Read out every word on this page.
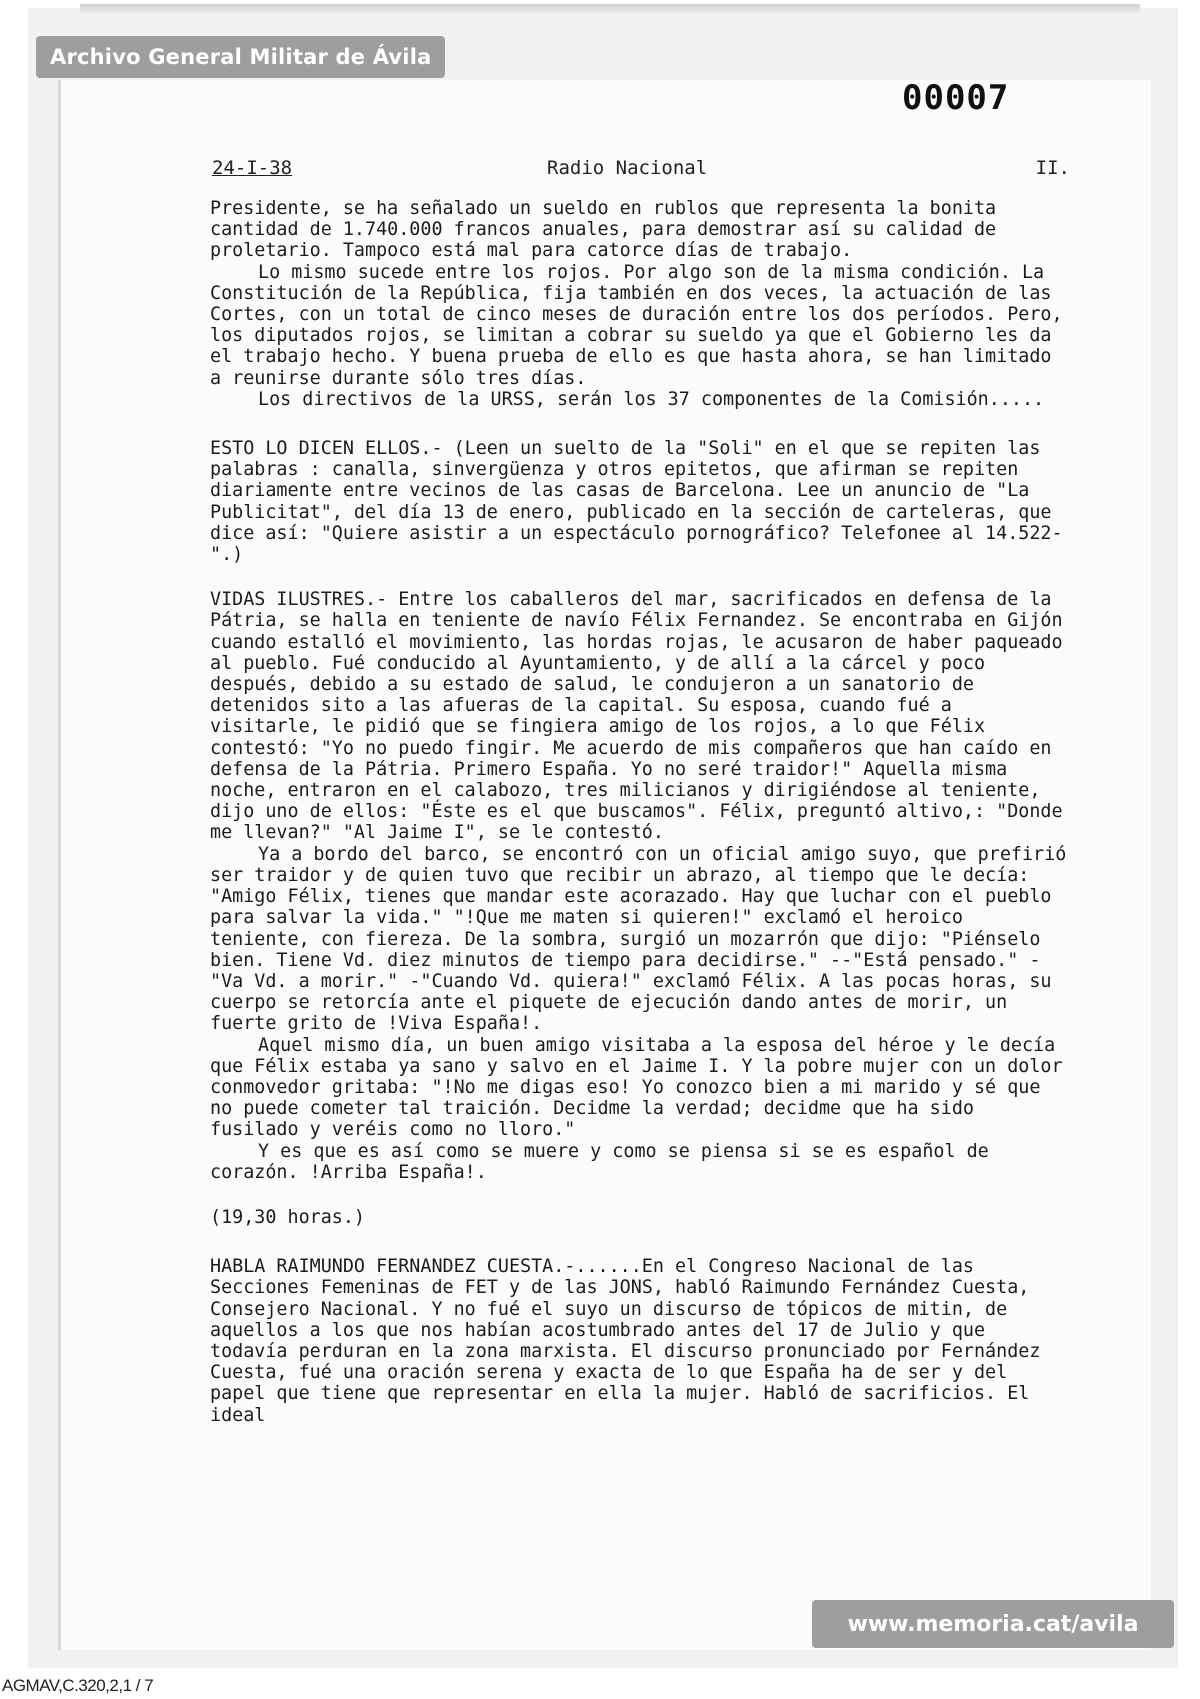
Archivo General Militar de Ávila
00007
24-I-38	Radio Nacional	II.

Presidente, se ha señalado un sueldo en rublos que representa la bonita cantidad de 1.740.000 francos anuales, para demostrar así su calidad de proletario. Tampoco está mal para catorce días de trabajo.

Lo mismo sucede entre los rojos. Por algo son de la misma condición. La Constitución de la República, fija también en dos veces, la actuación de las Cortes, con un total de cinco meses de duración entre los dos períodos. Pero, los diputados rojos, se limitan a cobrar su sueldo ya que el Gobierno les da el trabajo hecho. Y buena prueba de ello es que hasta ahora, se han limitado a reunirse durante sólo tres días.

Los directivos de la URSS, serán los 37 componentes de la Comisión.....

ESTO LO DICEN ELLOS.- (Leen un suelto de la "Soli" en el que se repiten las palabras : canalla, sinvergüenza y otros epitetos, que afirman se repiten diariamente entre vecinos de las casas de Barcelona. Lee un anuncio de "La Publicitat", del día 13 de enero, publicado en la sección de carteleras, que dice así: "Quiere asistir a un espectáculo pornográfico? Telefonee al 14.522-".)

VIDAS ILUSTRES.- Entre los caballeros del mar, sacrificados en defensa de la Pátria, se halla en teniente de navío Félix Fernandez. Se encontraba en Gijón cuando estalló el movimiento, las hordas rojas, le acusaron de haber paqueado al pueblo. Fué conducido al Ayuntamiento, y de allí a la cárcel y poco después, debido a su estado de salud, le condujeron a un sanatorio de detenidos sito a las afueras de la capital. Su esposa, cuando fué a visitarle, le pidió que se fingiera amigo de los rojos, a lo que Félix contestó: "Yo no puedo fingir. Me acuerdo de mis compañeros que han caído en defensa de la Pátria. Primero España. Yo no seré traidor!" Aquella misma noche, entraron en el calabozo, tres milicianos y dirigiéndose al teniente, dijo uno de ellos: "Éste es el que buscamos". Félix, preguntó altivo,: "Donde me llevan?" "Al Jaime I", se le contestó.

Ya a bordo del barco, se encontró con un oficial amigo suyo, que prefirió ser traidor y de quien tuvo que recibir un abrazo, al tiempo que le decía: "Amigo Félix, tienes que mandar este acorazado. Hay que luchar con el pueblo para salvar la vida." "!Que me maten si quieren!" exclamó el heroico teniente, con fiereza. De la sombra, surgió un mozarrón que dijo: "Piénselo bien. Tiene Vd. diez minutos de tiempo para decidirse." --"Está pensado." -"Va Vd. a morir." -"Cuando Vd. quiera!" exclamó Félix. A las pocas horas, su cuerpo se retorcía ante el piquete de ejecución dando antes de morir, un fuerte grito de !Viva España!.

Aquel mismo día, un buen amigo visitaba a la esposa del héroe y le decía que Félix estaba ya sano y salvo en el Jaime I. Y la pobre mujer con un dolor conmovedor gritaba: "!No me digas eso! Yo conozco bien a mi marido y sé que no puede cometer tal traición. Decidme la verdad; decidme que ha sido fusilado y veréis como no lloro."

Y es que es así como se muere y como se piensa si se es español de corazón. !Arriba España!.

(19,30 horas.)

HABLA RAIMUNDO FERNANDEZ CUESTA.-......En el Congreso Nacional de las Secciones Femeninas de FET y de las JONS, habló Raimundo Fernández Cuesta, Consejero Nacional. Y no fué el suyo un discurso de tópicos de mitin, de aquellos a los que nos habían acostumbrado antes del 17 de Julio y que todavía perduran en la zona marxista. El discurso pronunciado por Fernández Cuesta, fué una oración serena y exacta de lo que España ha de ser y del papel que tiene que representar en ella la mujer. Habló de sacrificios. El ideal

www.memoria.cat/avila
AGMAV,C.320,2,1 / 7
